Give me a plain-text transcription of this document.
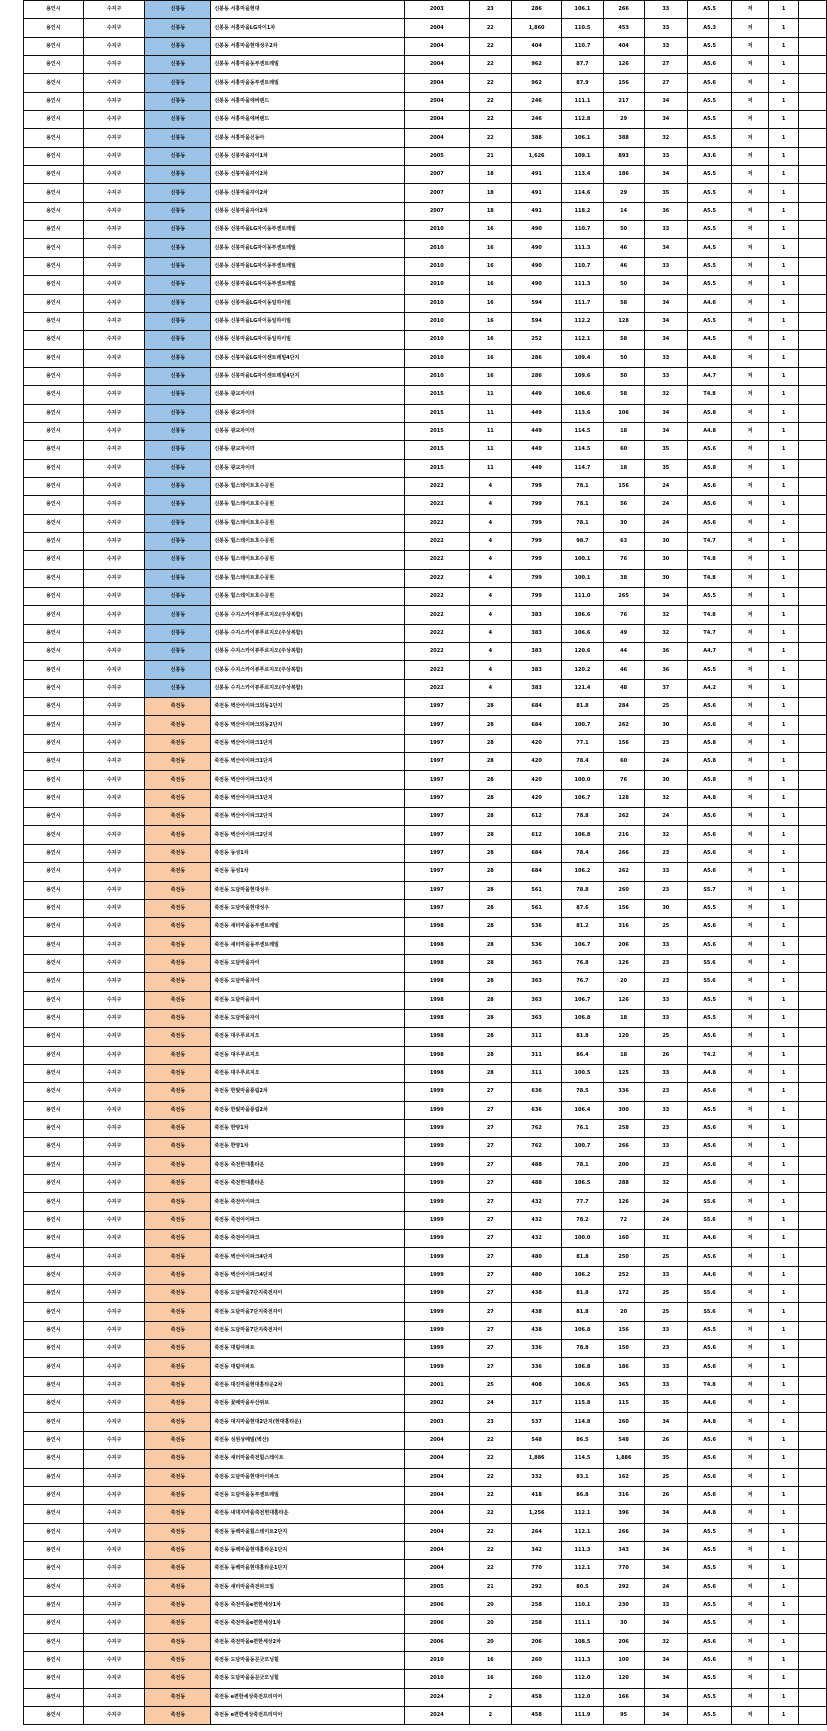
용인시	수지구	신봉동	신봉동 서홍마을현대	2003	23	286	106.1	266	33	A5.5	저	1	
용인시	수지구	신봉동	신봉동 서홍마을LG자이1차	2004	22	1,860	110.5	453	33	A5.3	저	1	
용인시	수지구	신봉동	신봉동 서홍마을현대성우2차	2004	22	404	110.7	404	33	A5.5	저	1	
용인시	수지구	신봉동	신봉동 서홍마을동부센트레빌	2004	22	962	87.7	126	27	A5.6	저	1	
용인시	수지구	신봉동	신봉동 서홍마을동부센트레빌	2004	22	962	87.9	156	27	A5.6	저	1	
용인시	수지구	신봉동	신봉동 서홍마을에버랜드	2004	22	246	111.1	217	34	A5.5	저	1	
용인시	수지구	신봉동	신봉동 서홍마을에버랜드	2004	22	246	112.8	29	34	A5.5	저	1	
용인시	수지구	신봉동	신봉동 서홍마을신동아	2004	22	388	106.1	388	32	A5.5	저	1	
용인시	수지구	신봉동	신봉동 신봉마을자이1차	2005	21	1,626	109.1	893	33	A3.6	저	1	
용인시	수지구	신봉동	신봉동 신봉마을자이2차	2007	18	491	113.4	186	34	A5.5	저	1	
용인시	수지구	신봉동	신봉동 신봉마을자이2차	2007	18	491	114.6	29	35	A5.5	저	1	
용인시	수지구	신봉동	신봉동 신봉마을자이2차	2007	18	491	118.2	14	36	A5.5	저	1	
용인시	수지구	신봉동	신봉동 신봉마을LG자이동부센트레빌	2010	16	490	110.7	50	33	A5.5	저	1	
용인시	수지구	신봉동	신봉동 신봉마을LG자이동부센트레빌	2010	16	490	111.3	46	34	A4.5	저	1	
용인시	수지구	신봉동	신봉동 신봉마을LG자이동부센트레빌	2010	16	490	110.7	46	33	A5.5	저	1	
용인시	수지구	신봉동	신봉동 신봉마을LG자이동부센트레빌	2010	16	490	111.3	50	34	A5.5	저	1	
용인시	수지구	신봉동	신봉동 신봉마을LG자이동일하이빌	2010	16	594	111.7	58	34	A4.6	저	1	
용인시	수지구	신봉동	신봉동 신봉마을LG자이동일하이빌	2010	16	594	112.2	128	34	A5.5	저	1	
용인시	수지구	신봉동	신봉동 신봉마을LG자이동일하이빌	2010	16	252	112.1	58	34	A4.5	저	1	
용인시	수지구	신봉동	신봉동 신봉마을LG자이센트레빌4단지	2010	16	286	109.4	50	33	A4.8	저	1	
용인시	수지구	신봉동	신봉동 신봉마을LG자이센트레빌4단지	2010	16	286	109.6	50	33	A4.7	저	1	
용인시	수지구	신봉동	신봉동 광교자이더	2015	11	449	106.6	58	32	T4.8	저	1	
용인시	수지구	신봉동	신봉동 광교자이더	2015	11	449	113.6	106	34	A5.8	저	1	
용인시	수지구	신봉동	신봉동 광교자이더	2015	11	449	114.5	18	34	A4.8	저	1	
용인시	수지구	신봉동	신봉동 광교자이더	2015	11	449	114.5	60	35	A5.6	저	1	
용인시	수지구	신봉동	신봉동 광교자이더	2015	11	449	114.7	18	35	A5.8	저	1	
용인시	수지구	신봉동	신봉동 힐스테이트호수공원	2022	4	799	78.1	156	24	A5.6	저	1	
용인시	수지구	신봉동	신봉동 힐스테이트호수공원	2022	4	799	78.1	56	24	A5.6	저	1	
용인시	수지구	신봉동	신봉동 힐스테이트호수공원	2022	4	799	78.1	30	24	A5.6	저	1	
용인시	수지구	신봉동	신봉동 힐스테이트호수공원	2022	4	799	98.7	63	30	T4.7	저	1	
용인시	수지구	신봉동	신봉동 힐스테이트호수공원	2022	4	799	100.1	76	30	T4.8	저	1	
용인시	수지구	신봉동	신봉동 힐스테이트호수공원	2022	4	799	100.1	38	30	T4.8	저	1	
용인시	수지구	신봉동	신봉동 힐스테이트호수공원	2022	4	799	111.0	265	34	A5.5	저	1	
용인시	수지구	신봉동	신봉동 수지스카이뷰푸르지오(주상복합)	2022	4	383	106.6	76	32	T4.8	저	1	
용인시	수지구	신봉동	신봉동 수지스카이뷰푸르지오(주상복합)	2022	4	383	106.6	49	32	T4.7	저	1	
용인시	수지구	신봉동	신봉동 수지스카이뷰푸르지오(주상복합)	2022	4	383	120.6	44	36	A4.7	저	1	
용인시	수지구	신봉동	신봉동 수지스카이뷰푸르지오(주상복합)	2022	4	383	120.2	46	36	A5.5	저	1	
용인시	수지구	신봉동	신봉동 수지스카이뷰푸르지오(주상복합)	2022	4	383	121.4	48	37	A4.2	저	1	
용인시	수지구	죽전동	죽전동 벽산아이파크외동1단지	1997	28	684	81.8	284	25	A5.6	저	1	
용인시	수지구	죽전동	죽전동 벽산아이파크외동2단지	1997	28	684	100.7	262	30	A5.6	저	1	
용인시	수지구	죽전동	죽전동 벽산아이파크1단지	1997	28	420	77.1	156	23	A5.8	저	1	
용인시	수지구	죽전동	죽전동 벽산아이파크1단지	1997	28	420	78.4	60	24	A5.8	저	1	
용인시	수지구	죽전동	죽전동 벽산아이파크1단지	1997	28	420	100.0	76	30	A5.8	저	1	
용인시	수지구	죽전동	죽전동 벽산아이파크1단지	1997	28	420	106.7	128	32	A4.8	저	1	
용인시	수지구	죽전동	죽전동 벽산아이파크2단지	1997	28	612	78.8	262	24	A5.6	저	1	
용인시	수지구	죽전동	죽전동 벽산아이파크2단지	1997	28	612	106.8	216	32	A5.6	저	1	
용인시	수지구	죽전동	죽전동 동성1차	1997	28	684	78.4	266	23	A5.6	저	1	
용인시	수지구	죽전동	죽전동 동성1차	1997	28	684	106.2	262	33	A5.6	저	1	
용인시	수지구	죽전동	죽전동 도담마을현대성우	1997	28	561	78.8	260	23	S5.7	저	1	
용인시	수지구	죽전동	죽전동 도담마을현대성우	1997	28	561	87.6	156	30	A5.5	저	1	
용인시	수지구	죽전동	죽전동 새터마을동부센트레빌	1998	28	536	81.2	316	25	A5.6	저	1	
용인시	수지구	죽전동	죽전동 새터마을동부센트레빌	1998	28	536	106.7	206	33	A5.6	저	1	
용인시	수지구	죽전동	죽전동 도담마을자이	1998	28	363	76.8	126	23	S5.6	저	1	
용인시	수지구	죽전동	죽전동 도담마을자이	1998	28	363	76.7	20	23	S5.6	저	1	
용인시	수지구	죽전동	죽전동 도담마을자이	1998	28	363	106.7	126	33	A5.5	저	1	
용인시	수지구	죽전동	죽전동 도담마을자이	1998	28	363	106.8	18	33	A5.5	저	1	
용인시	수지구	죽전동	죽전동 대우푸르지오	1998	28	311	81.8	120	25	A5.6	저	1	
용인시	수지구	죽전동	죽전동 대우푸르지오	1998	28	311	86.4	18	26	T4.2	저	1	
용인시	수지구	죽전동	죽전동 대우푸르지오	1998	28	311	100.5	125	33	A4.8	저	1	
용인시	수지구	죽전동	죽전동 한빛마을풍림2차	1999	27	636	78.5	336	23	A5.6	저	1	
용인시	수지구	죽전동	죽전동 한빛마을풍림2차	1999	27	636	106.4	300	33	A5.5	저	1	
용인시	수지구	죽전동	죽전동 한양1차	1999	27	762	76.1	258	23	A5.6	저	1	
용인시	수지구	죽전동	죽전동 한양1차	1999	27	762	100.7	266	33	A5.6	저	1	
용인시	수지구	죽전동	죽전동 죽전현대홈타운	1999	27	488	78.1	200	23	A5.6	저	1	
용인시	수지구	죽전동	죽전동 죽전현대홈타운	1999	27	488	106.5	288	32	A5.6	저	1	
용인시	수지구	죽전동	죽전동 죽전아이파크	1999	27	432	77.7	126	24	S5.6	저	1	
용인시	수지구	죽전동	죽전동 죽전아이파크	1999	27	432	78.2	72	24	S5.6	저	1	
용인시	수지구	죽전동	죽전동 죽전아이파크	1999	27	432	100.0	160	31	A4.6	저	1	
용인시	수지구	죽전동	죽전동 벽산아이파크4단지	1999	27	480	81.8	250	25	A5.6	저	1	
용인시	수지구	죽전동	죽전동 벽산아이파크4단지	1999	27	480	106.2	252	33	A4.6	저	1	
용인시	수지구	죽전동	죽전동 도담마을7단지죽전자이	1999	27	438	81.8	172	25	S5.6	저	1	
용인시	수지구	죽전동	죽전동 도담마을7단지죽전자이	1999	27	438	81.8	20	25	S5.6	저	1	
용인시	수지구	죽전동	죽전동 도담마을7단지죽전자이	1999	27	438	106.8	156	33	A5.5	저	1	
용인시	수지구	죽전동	죽전동 대림아파트	1999	27	336	78.8	150	23	A5.6	저	1	
용인시	수지구	죽전동	죽전동 대림아파트	1999	27	336	106.8	186	33	A5.6	저	1	
용인시	수지구	죽전동	죽전동 대진마을현대홈타운2차	2001	25	408	106.6	365	33	T4.8	저	1	
용인시	수지구	죽전동	죽전동 꽃메마을두산위브	2002	24	317	115.8	115	35	A4.6	저	1	
용인시	수지구	죽전동	죽전동 대지마을현대2단지(현대홈타운)	2003	23	537	114.8	260	34	A4.8	저	1	
용인시	수지구	죽전동	죽전동 성원상떼빌(벽산)	2004	22	548	86.5	548	26	A5.6	저	1	
용인시	수지구	죽전동	죽전동 새터마을죽전힐스테이트	2004	22	1,886	114.5	1,886	35	A5.6	저	1	
용인시	수지구	죽전동	죽전동 도담마을현대아이파크	2004	22	332	83.1	162	25	A5.6	저	1	
용인시	수지구	죽전동	죽전동 도담마을동부센트레빌	2004	22	418	86.8	316	26	A5.6	저	1	
용인시	수지구	죽전동	죽전동 내대지마을죽전현대홈타운	2004	22	1,256	112.1	396	34	A4.8	저	1	
용인시	수지구	죽전동	죽전동 동백마을힐스테이트2단지	2004	22	264	112.1	266	34	A5.5	저	1	
용인시	수지구	죽전동	죽전동 동백마을현대홈타운1단지	2004	22	342	111.3	343	34	A5.5	저	1	
용인시	수지구	죽전동	죽전동 동백마을현대홈타운1단지	2004	22	770	112.1	770	34	A5.5	저	1	
용인시	수지구	죽전동	죽전동 새터마을죽전파크빌	2005	21	292	80.5	292	24	A5.6	저	1	
용인시	수지구	죽전동	죽전동 죽전마을e편한세상1차	2006	20	258	110.1	230	33	A5.5	저	1	
용인시	수지구	죽전동	죽전동 죽전마을e편한세상1차	2006	20	258	111.1	30	34	A5.5	저	1	
용인시	수지구	죽전동	죽전동 죽전마을e편한세상2차	2006	20	206	108.5	206	32	A5.6	저	1	
용인시	수지구	죽전동	죽전동 도담마을동문굿모닝힐	2010	16	260	111.3	100	34	A5.6	저	1	
용인시	수지구	죽전동	죽전동 도담마을동문굿모닝힐	2010	16	260	112.0	120	34	A5.5	저	1	
용인시	수지구	죽전동	죽전동 e편한세상죽전프리미어	2024	2	458	112.0	166	34	A5.5	저	1	
용인시	수지구	죽전동	죽전동 e편한세상죽전프리미어	2024	2	458	111.9	95	34	A5.5	저	1	
